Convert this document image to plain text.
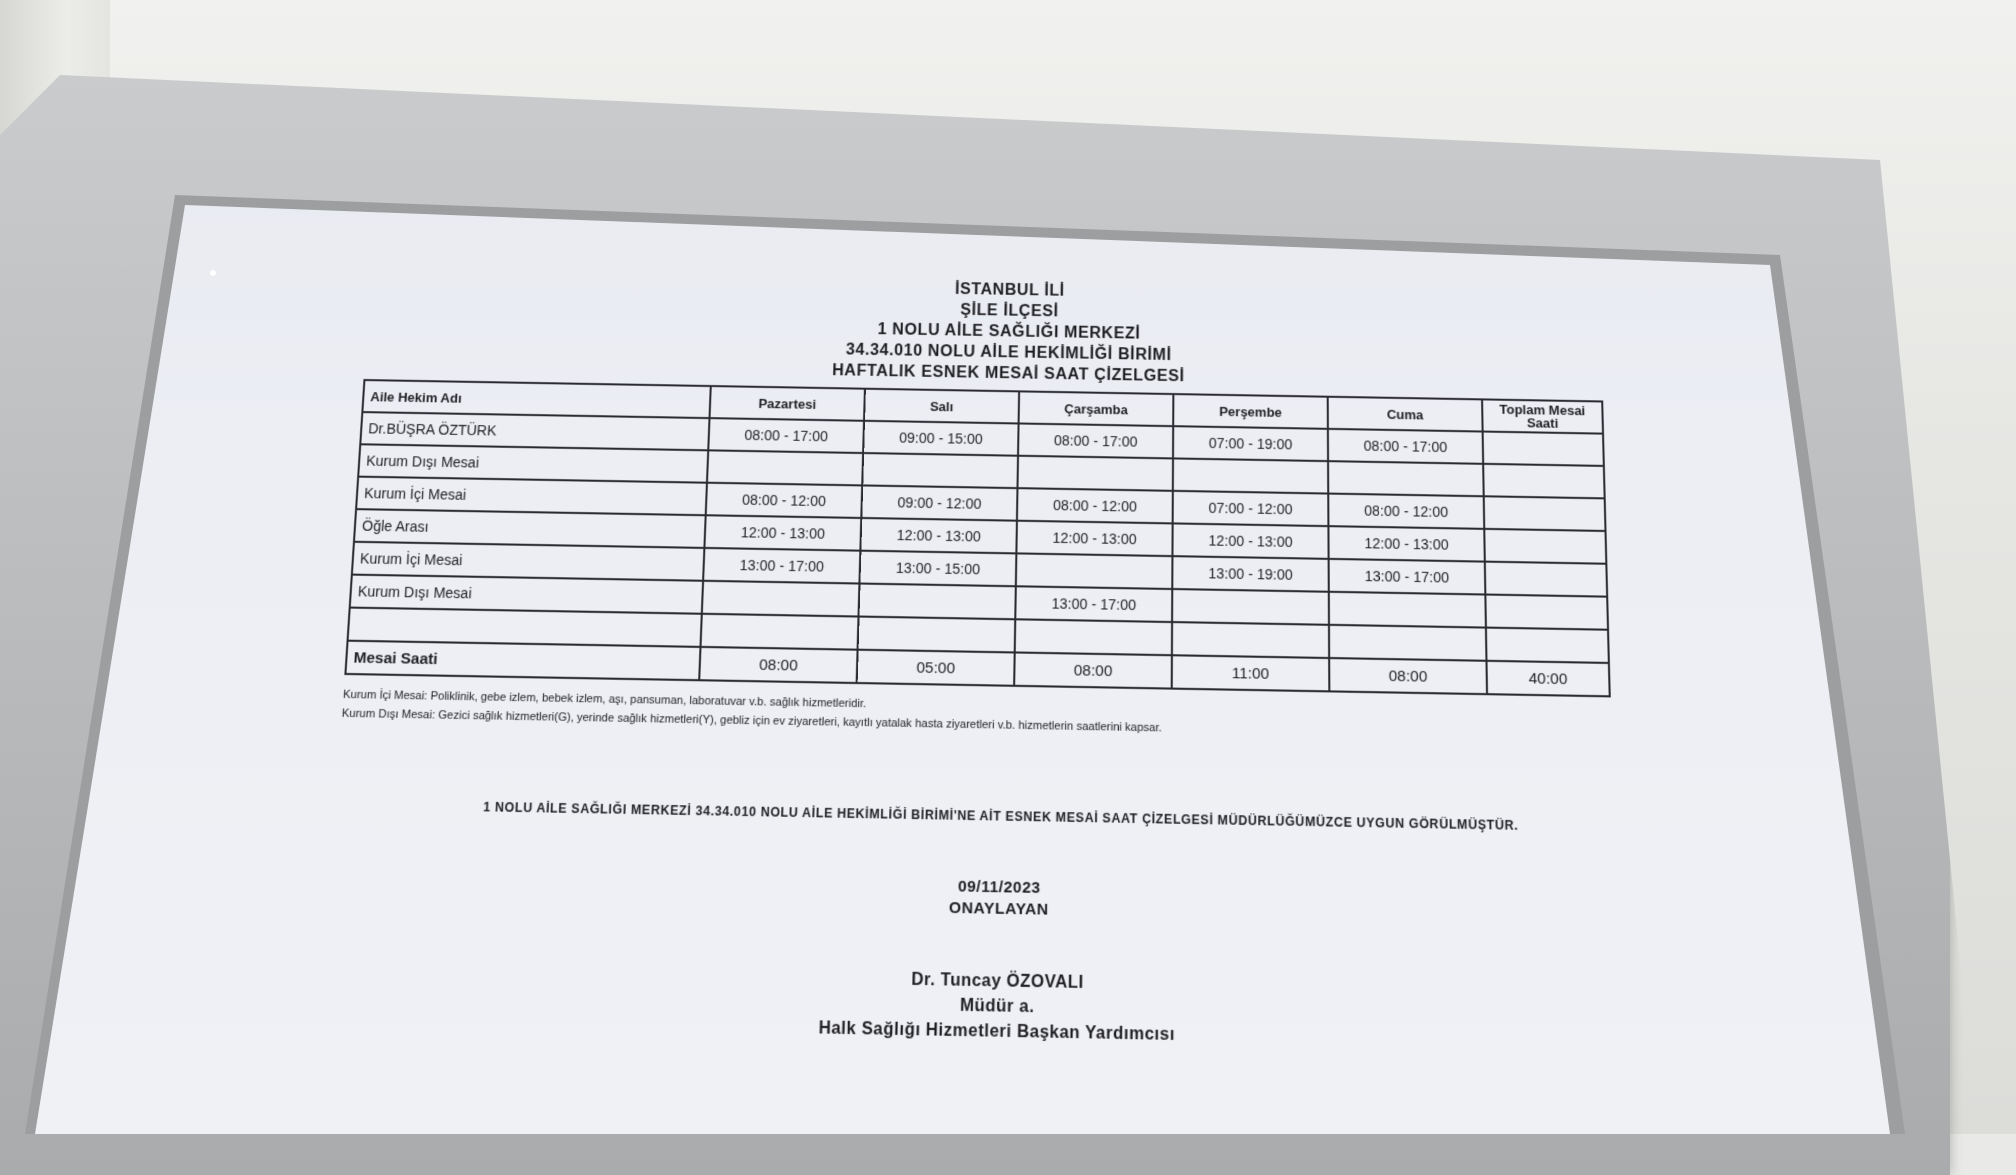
İSTANBUL İLİ
ŞİLE İLÇESİ
1 NOLU AİLE SAĞLIĞI MERKEZİ
34.34.010 NOLU AİLE HEKİMLİĞİ BİRİMİ
HAFTALIK ESNEK MESAİ SAAT ÇİZELGESİ
Aile Hekim Adı	Pazartesi	Salı	Çarşamba	Perşembe	Cuma	Toplam Mesai Saati
Dr.BÜŞRA ÖZTÜRK	08:00 - 17:00	09:00 - 15:00	08:00 - 17:00	07:00 - 19:00	08:00 - 17:00	
Kurum Dışı Mesai						
Kurum İçi Mesai	08:00 - 12:00	09:00 - 12:00	08:00 - 12:00	07:00 - 12:00	08:00 - 12:00	
Öğle Arası	12:00 - 13:00	12:00 - 13:00	12:00 - 13:00	12:00 - 13:00	12:00 - 13:00	
Kurum İçi Mesai	13:00 - 17:00	13:00 - 15:00		13:00 - 19:00	13:00 - 17:00	
Kurum Dışı Mesai			13:00 - 17:00			

Mesai Saati	08:00	05:00	08:00	11:00	08:00	40:00
Kurum İçi Mesai: Poliklinik, gebe izlem, bebek izlem, aşı, pansuman, laboratuvar v.b. sağlık hizmetleridir.
Kurum Dışı Mesai: Gezici sağlık hizmetleri(G), yerinde sağlık hizmetleri(Y), gebliz için ev ziyaretleri, kayıtlı yatalak hasta ziyaretleri v.b. hizmetlerin saatlerini kapsar.
1 NOLU AİLE SAĞLIĞI MERKEZİ 34.34.010 NOLU AİLE HEKİMLİĞİ BİRİMİ'NE AİT ESNEK MESAİ SAAT ÇİZELGESİ MÜDÜRLÜĞÜMÜZCE UYGUN GÖRÜLMÜŞTÜR.
09/11/2023
ONAYLAYAN
Dr. Tuncay ÖZOVALI
Müdür a.
Halk Sağlığı Hizmetleri Başkan Yardımcısı
